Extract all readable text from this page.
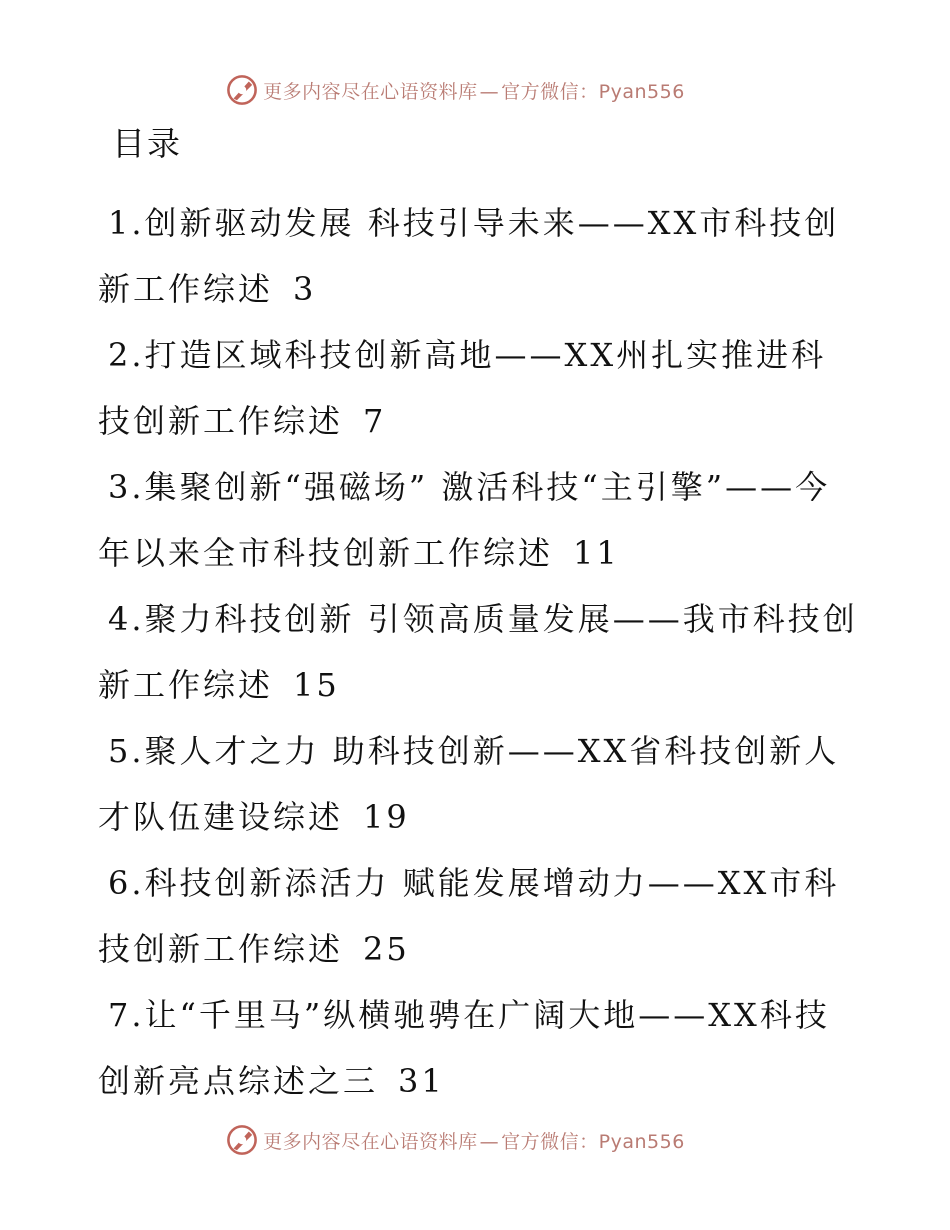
更多内容尽在心语资料库 — 官方微信：Pyan556
目录
1.创新驱动发展 科技引导未来——XX市科技创新工作综述 3
2.打造区域科技创新高地——XX州扎实推进科技创新工作综述 7
3.集聚创新“强磁场” 激活科技“主引擎”——今年以来全市科技创新工作综述 11
4.聚力科技创新 引领高质量发展——我市科技创新工作综述 15
5.聚人才之力 助科技创新——XX省科技创新人才队伍建设综述 19
6.科技创新添活力 赋能发展增动力——XX市科技创新工作综述 25
7.让“千里马”纵横驰骋在广阔大地——XX科技创新亮点综述之三 31
更多内容尽在心语资料库 — 官方微信：Pyan556
